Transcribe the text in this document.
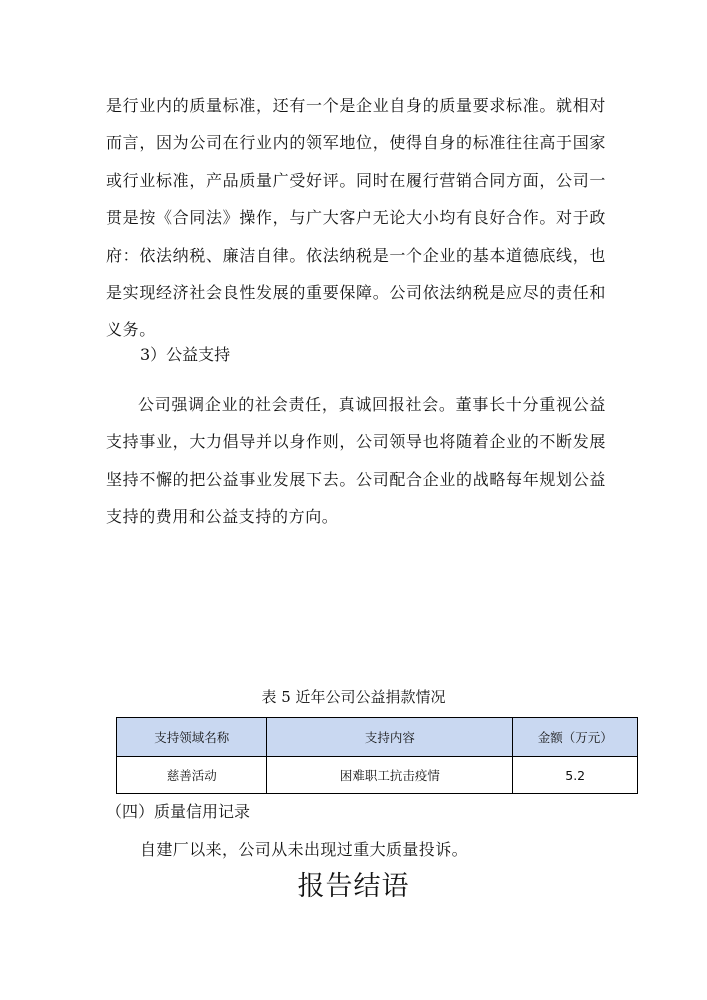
是行业内的质量标准，还有一个是企业自身的质量要求标准。就相对而言，因为公司在行业内的领军地位，使得自身的标准往往高于国家或行业标准，产品质量广受好评。同时在履行营销合同方面，公司一贯是按《合同法》操作，与广大客户无论大小均有良好合作。对于政府：依法纳税、廉洁自律。依法纳税是一个企业的基本道德底线，也是实现经济社会良性发展的重要保障。公司依法纳税是应尽的责任和义务。

3）公益支持

公司强调企业的社会责任，真诚回报社会。董事长十分重视公益支持事业，大力倡导并以身作则，公司领导也将随着企业的不断发展坚持不懈的把公益事业发展下去。公司配合企业的战略每年规划公益支持的费用和公益支持的方向。

表 5 近年公司公益捐款情况

支持领域名称	支持内容	金额（万元）
慈善活动	困难职工抗击疫情	5.2

（四）质量信用记录

自建厂以来，公司从未出现过重大质量投诉。

报告结语
